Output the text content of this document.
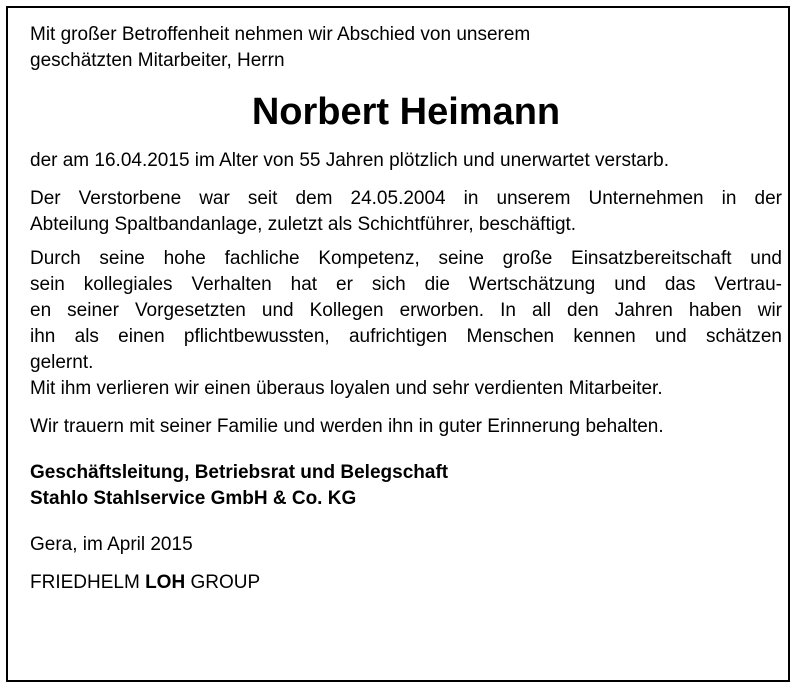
Mit großer Betroffenheit nehmen wir Abschied von unserem
geschätzten Mitarbeiter, Herrn
Norbert Heimann
der am 16.04.2015 im Alter von 55 Jahren plötzlich und unerwartet verstarb.
Der Verstorbene war seit dem 24.05.2004 in unserem Unternehmen in der
Abteilung Spaltbandanlage, zuletzt als Schichtführer, beschäftigt.
Durch seine hohe fachliche Kompetenz, seine große Einsatzbereitschaft und
sein kollegiales Verhalten hat er sich die Wertschätzung und das Vertrau-
en seiner Vorgesetzten und Kollegen erworben. In all den Jahren haben wir
ihn als einen pflichtbewussten, aufrichtigen Menschen kennen und schätzen
gelernt.
Mit ihm verlieren wir einen überaus loyalen und sehr verdienten Mitarbeiter.
Wir trauern mit seiner Familie und werden ihn in guter Erinnerung behalten.
Geschäftsleitung, Betriebsrat und Belegschaft
Stahlo Stahlservice GmbH & Co. KG
Gera, im April 2015
FRIEDHELM LOH GROUP
